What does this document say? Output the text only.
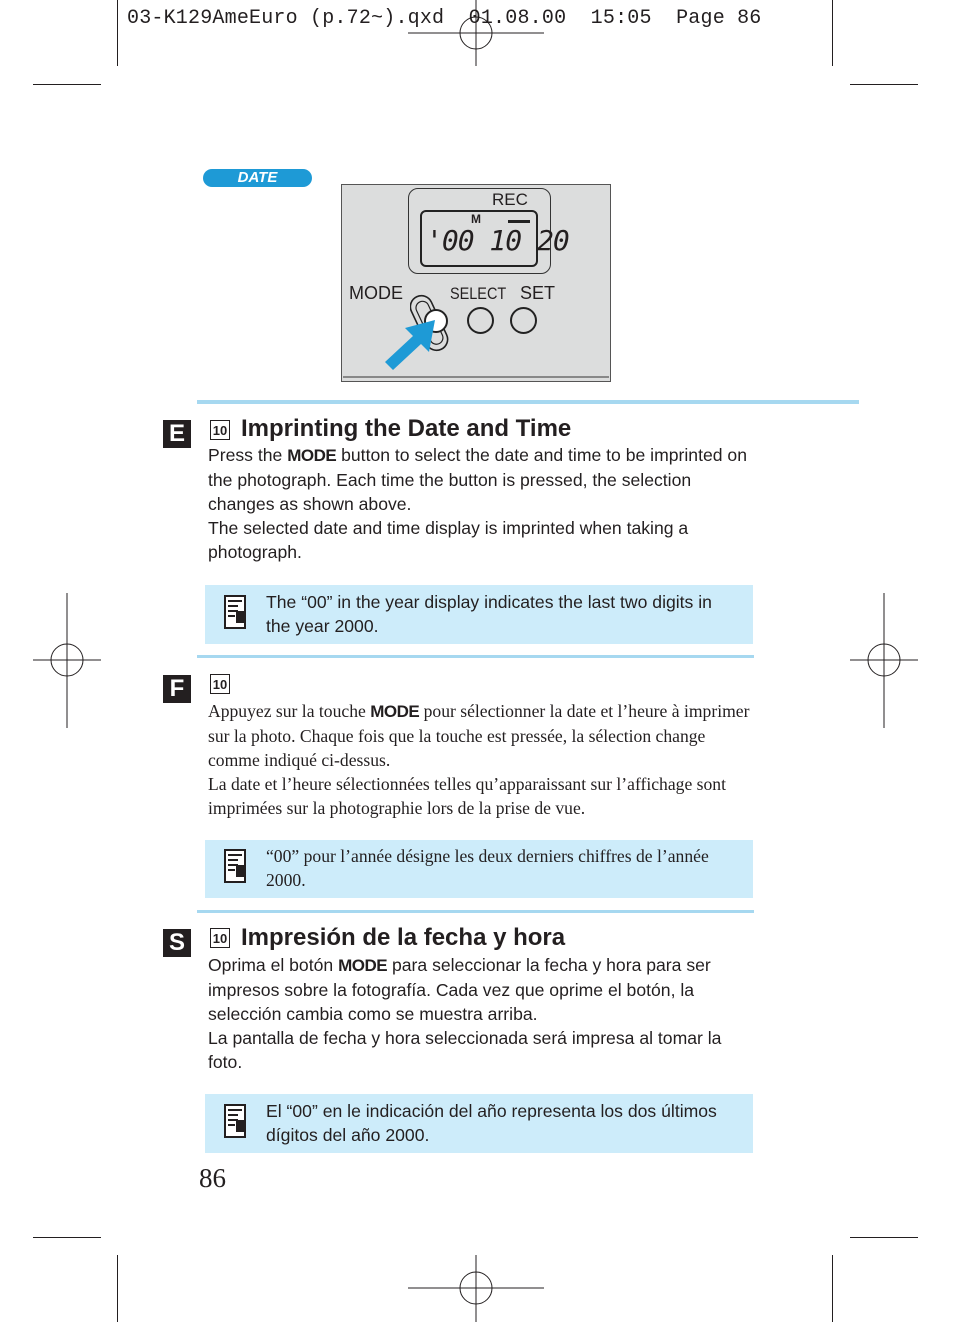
03-K129AmeEuro (p.72~).qxd  01.08.00  15:05  Page 86
DATE
REC
M
'00 10 20
MODE	SELECT SET
E	10 Imprinting the Date and Time
Press the MODE button to select the date and time to be imprinted on the photograph. Each time the button is pressed, the selection changes as shown above.
The selected date and time display is imprinted when taking a photograph.
The “00” in the year display indicates the last two digits in the year 2000.
F	10
Appuyez sur la touche MODE pour sélectionner la date et l’heure à imprimer sur la photo. Chaque fois que la touche est pressée, la sélection change comme indiqué ci-dessus.
La date et l’heure sélectionnées telles qu’apparaissant sur l’affichage sont imprimées sur la photographie lors de la prise de vue.
“00” pour l’année désigne les deux derniers chiffres de l’année 2000.
S	10 Impresión de la fecha y hora
Oprima el botón MODE para seleccionar la fecha y hora para ser impresos sobre la fotografía. Cada vez que oprime el botón, la selección cambia como se muestra arriba.
La pantalla de fecha y hora seleccionada será impresa al tomar la foto.
El “00” en le indicación del año representa los dos últimos dígitos del año 2000.
86
